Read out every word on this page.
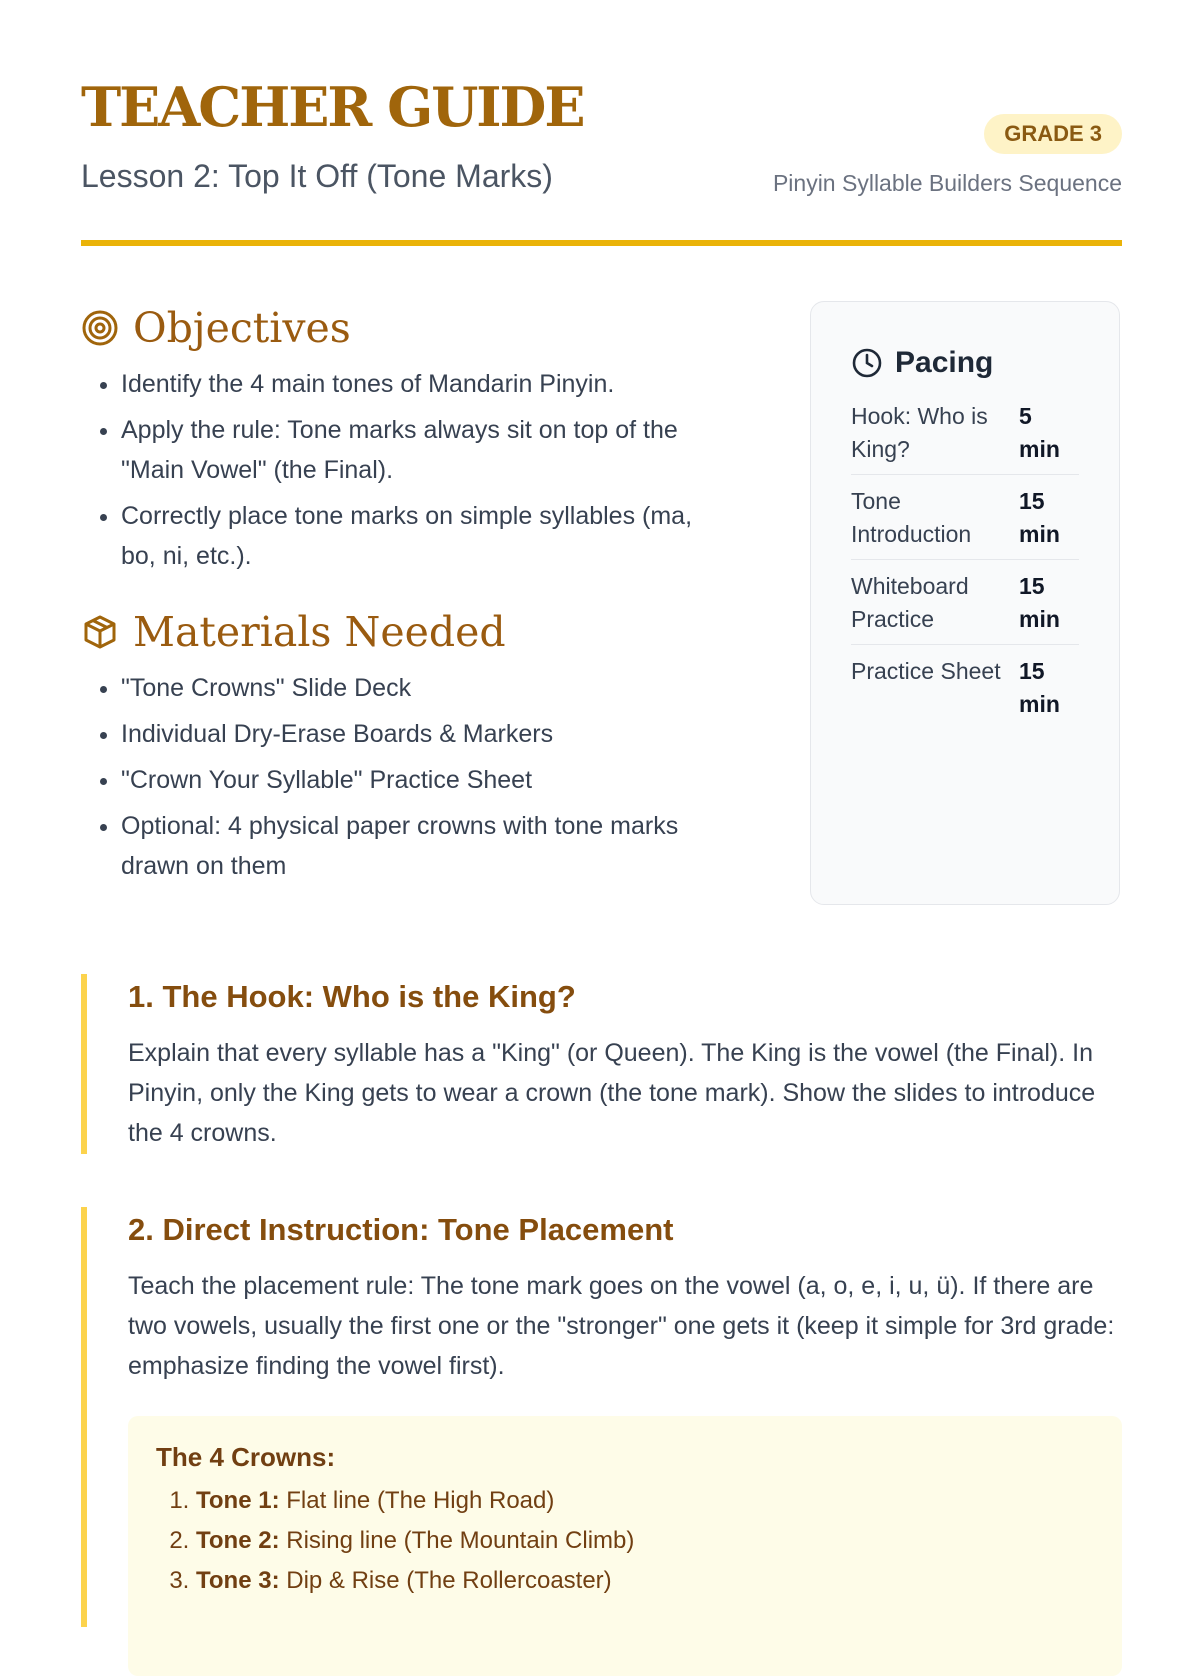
TEACHER GUIDE

Lesson 2: Top It Off (Tone Marks)

GRADE 3
Pinyin Syllable Builders Sequence
Objectives
• Identify the 4 main tones of Mandarin Pinyin.
• Apply the rule: Tone marks always sit on top of the "Main Vowel" (the Final).
• Correctly place tone marks on simple syllables (ma, bo, ni, etc.).
Materials Needed
• "Tone Crowns" Slide Deck
• Individual Dry-Erase Boards & Markers
• "Crown Your Syllable" Practice Sheet
• Optional: 4 physical paper crowns with tone marks drawn on them
Pacing
Hook: Who is King?
5 min
Tone Introduction
15 min
Whiteboard Practice
15 min
Practice Sheet 15 min
1. The Hook: Who is the King?

Explain that every syllable has a "King" (or Queen). The King is the vowel (the Final). In Pinyin, only the King gets to wear a crown (the tone mark). Show the slides to introduce the 4 crowns.

2. Direct Instruction: Tone Placement

Teach the placement rule: The tone mark goes on the vowel (a, o, e, i, u, ü). If there are two vowels, usually the first one or the "stronger" one gets it (keep it simple for 3rd grade: emphasize finding the vowel first).

The 4 Crowns:

1. Tone 1: Flat line (The High Road)
2. Tone 2: Rising line (The Mountain Climb)
3. Tone 3: Dip & Rise (The Rollercoaster)
